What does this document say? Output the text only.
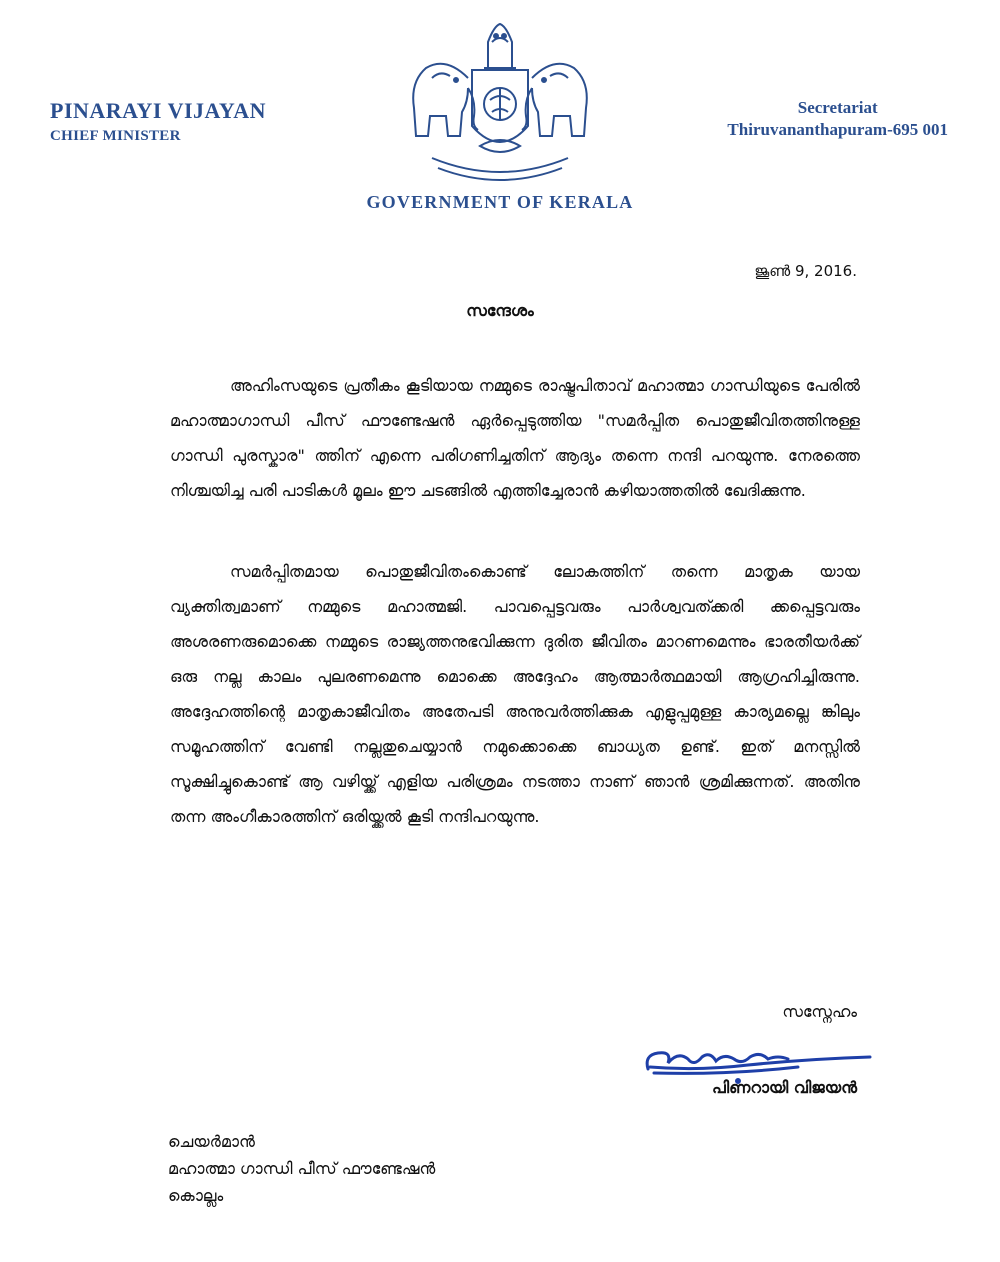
PINARAYI VIJAYAN
CHIEF MINISTER
Secretariat
Thiruvananthapuram-695 001
GOVERNMENT OF KERALA
ജൂൺ 9, 2016.
സന്ദേശം

അഹിംസയുടെ പ്രതീകം കൂടിയായ നമ്മുടെ രാഷ്ട്രപിതാവ് മഹാത്മാ ഗാന്ധിയുടെ പേരിൽ മഹാത്മാഗാന്ധി പീസ് ഫൗണ്ടേഷൻ ഏർപ്പെടുത്തിയ "സമർപ്പിത പൊതുജീവിതത്തിനുള്ള ഗാന്ധി പുരസ്കാര" ത്തിന് എന്നെ പരിഗണിച്ചതിന് ആദ്യം തന്നെ നന്ദി പറയുന്നു. നേരത്തെ നിശ്ചയിച്ച പരി പാടികൾ മൂലം ഈ ചടങ്ങിൽ എത്തിച്ചേരാൻ കഴിയാത്തതിൽ ഖേദിക്കുന്നു.

സമർപ്പിതമായ പൊതുജീവിതംകൊണ്ട് ലോകത്തിന് തന്നെ മാതൃക യായ വ്യക്തിത്വമാണ് നമ്മുടെ മഹാത്മജി. പാവപ്പെട്ടവരും പാർശ്വവത്ക്കരി ക്കപ്പെട്ടവരും അശരണരുമൊക്കെ നമ്മുടെ രാജ്യത്തനുഭവിക്കുന്ന ദുരിത ജീവിതം മാറണമെന്നും ഭാരതീയർക്ക് ഒരു നല്ല കാലം പുലരണമെന്നു മൊക്കെ അദ്ദേഹം ആത്മാർത്ഥമായി ആഗ്രഹിച്ചിരുന്നു. അദ്ദേഹത്തിന്റെ മാതൃകാജീവിതം അതേപടി അനുവർത്തിക്കുക എളുപ്പമുള്ള കാര്യമല്ലെ ങ്കിലും സമൂഹത്തിന് വേണ്ടി നല്ലതുചെയ്യാൻ നമുക്കൊക്കെ ബാധ്യത ഉണ്ട്. ഇത് മനസ്സിൽ സൂക്ഷിച്ചുകൊണ്ട് ആ വഴിയ്ക്ക് എളിയ പരിശ്രമം നടത്താ നാണ് ഞാൻ ശ്രമിക്കുന്നത്. അതിനു തന്ന അംഗീകാരത്തിന് ഒരിയ്ക്കൽ കൂടി നന്ദിപറയുന്നു.

സസ്നേഹം
പിണറായി വിജയൻ
ചെയർമാൻ
മഹാത്മാ ഗാന്ധി പീസ് ഫൗണ്ടേഷൻ
കൊല്ലം
